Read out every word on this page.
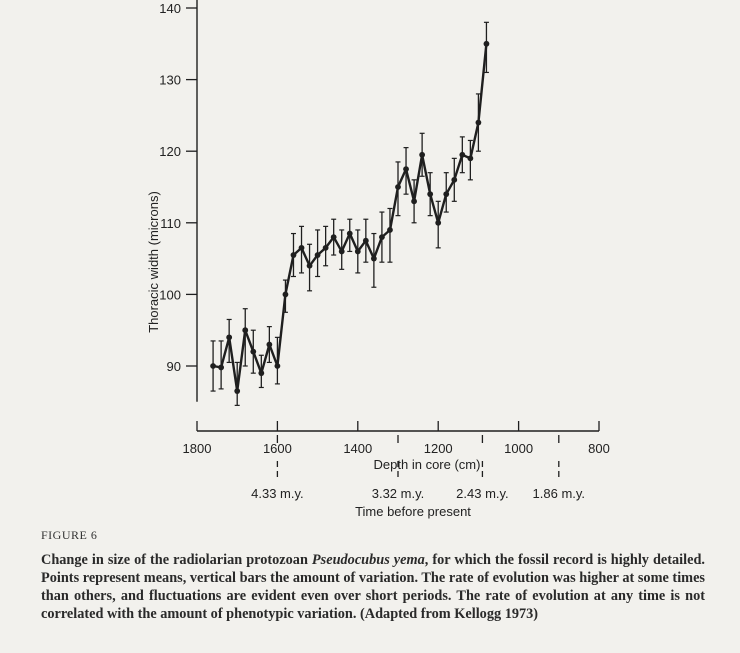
90
100
110
120
130
140
1800	1600	1400	1200	1000	800
4.33 m.y.	3.32 m.y. 2.43 m.y. 1.86 m.y.
Thoracic width (microns)
Depth in core (cm)
Time before present
FIGURE 6
Change in size of the radiolarian protozoan Pseudocubus yema, for which the fossil record is highly detailed. Points represent means, vertical bars the amount of variation. The rate of evolution was higher at some times than others, and fluctuations are evident even over short periods. The rate of evolution at any time is not correlated with the amount of phenotypic variation. (Adapted from Kellogg 1973)
